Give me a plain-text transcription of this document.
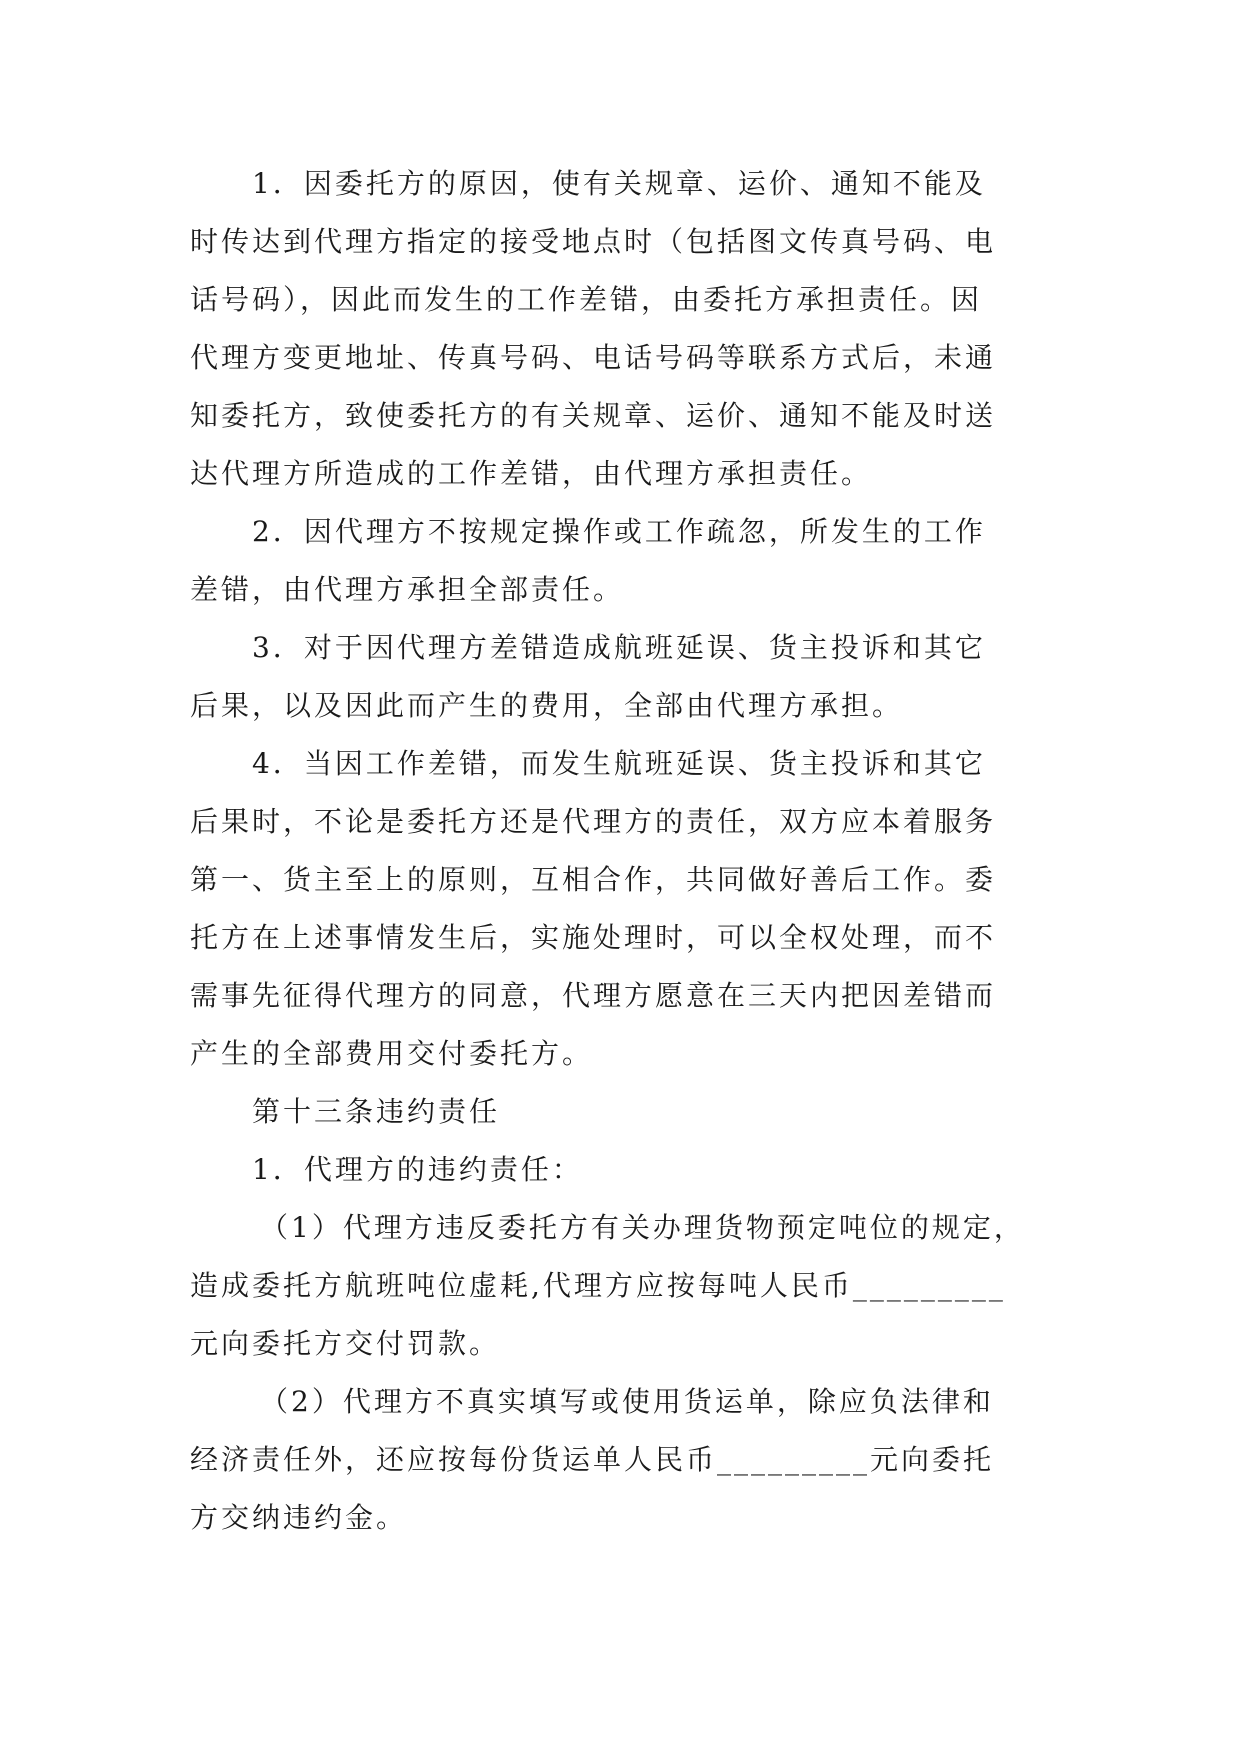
1．因委托方的原因，使有关规章、运价、通知不能及
时传达到代理方指定的接受地点时（包括图文传真号码、电
话号码），因此而发生的工作差错，由委托方承担责任。因
代理方变更地址、传真号码、电话号码等联系方式后，未通
知委托方，致使委托方的有关规章、运价、通知不能及时送
达代理方所造成的工作差错，由代理方承担责任。
2．因代理方不按规定操作或工作疏忽，所发生的工作
差错，由代理方承担全部责任。
3．对于因代理方差错造成航班延误、货主投诉和其它
后果，以及因此而产生的费用，全部由代理方承担。
4．当因工作差错，而发生航班延误、货主投诉和其它
后果时，不论是委托方还是代理方的责任，双方应本着服务
第一、货主至上的原则，互相合作，共同做好善后工作。委
托方在上述事情发生后，实施处理时，可以全权处理，而不
需事先征得代理方的同意，代理方愿意在三天内把因差错而
产生的全部费用交付委托方。
第十三条违约责任
1．代理方的违约责任：
（1）代理方违反委托方有关办理货物预定吨位的规定，
造成委托方航班吨位虚耗,代理方应按每吨人民币_________
元向委托方交付罚款。
（2）代理方不真实填写或使用货运单，除应负法律和
经济责任外，还应按每份货运单人民币_________元向委托
方交纳违约金。
